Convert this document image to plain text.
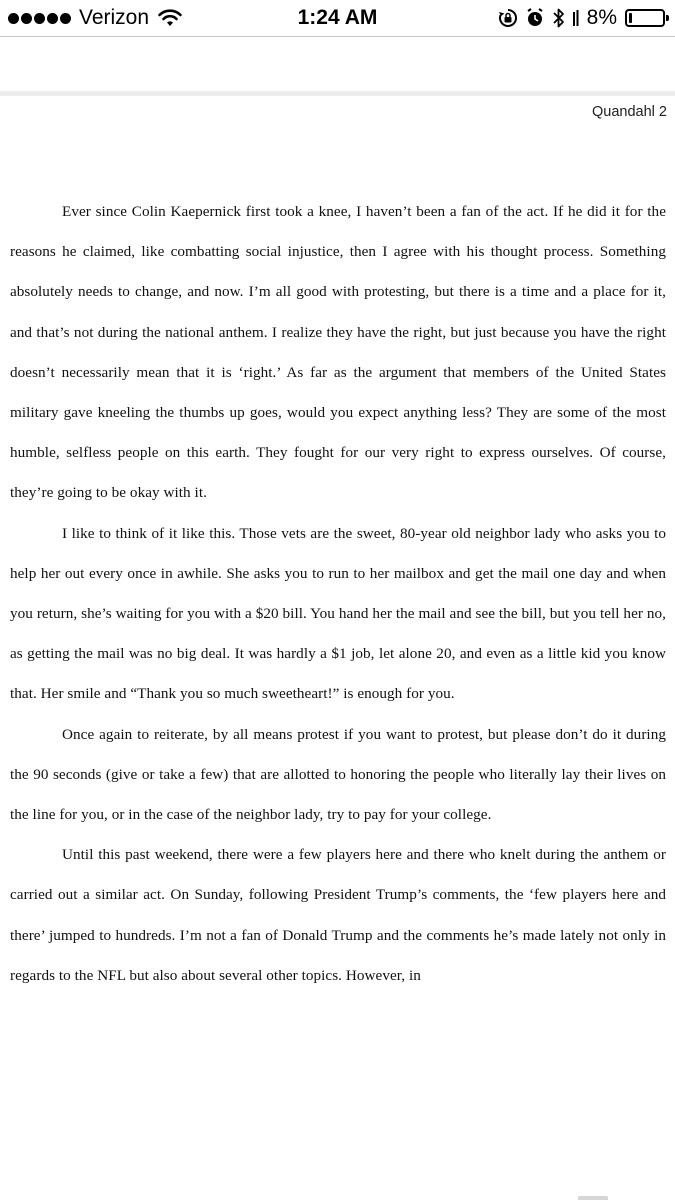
Verizon	1:24 AM	8%
Quandahl 2

Ever since Colin Kaepernick first took a knee, I haven’t been a fan of the act. If he did it for the reasons he claimed, like combatting social injustice, then I agree with his thought process. Something absolutely needs to change, and now. I’m all good with protesting, but there is a time and a place for it, and that’s not during the national anthem. I realize they have the right, but just because you have the right doesn’t necessarily mean that it is ‘right.’ As far as the argument that members of the United States military gave kneeling the thumbs up goes, would you expect anything less? They are some of the most humble, selfless people on this earth. They fought for our very right to express ourselves. Of course, they’re going to be okay with it.

I like to think of it like this. Those vets are the sweet, 80-year old neighbor lady who asks you to help her out every once in awhile. She asks you to run to her mailbox and get the mail one day and when you return, she’s waiting for you with a $20 bill. You hand her the mail and see the bill, but you tell her no, as getting the mail was no big deal. It was hardly a $1 job, let alone 20, and even as a little kid you know that. Her smile and “Thank you so much sweetheart!” is enough for you.

Once again to reiterate, by all means protest if you want to protest, but please don’t do it during the 90 seconds (give or take a few) that are allotted to honoring the people who literally lay their lives on the line for you, or in the case of the neighbor lady, try to pay for your college.

Until this past weekend, there were a few players here and there who knelt during the anthem or carried out a similar act. On Sunday, following President Trump’s comments, the ‘few players here and there’ jumped to hundreds. I’m not a fan of Donald Trump and the comments he’s made lately not only in regards to the NFL but also about several other topics. However, in
